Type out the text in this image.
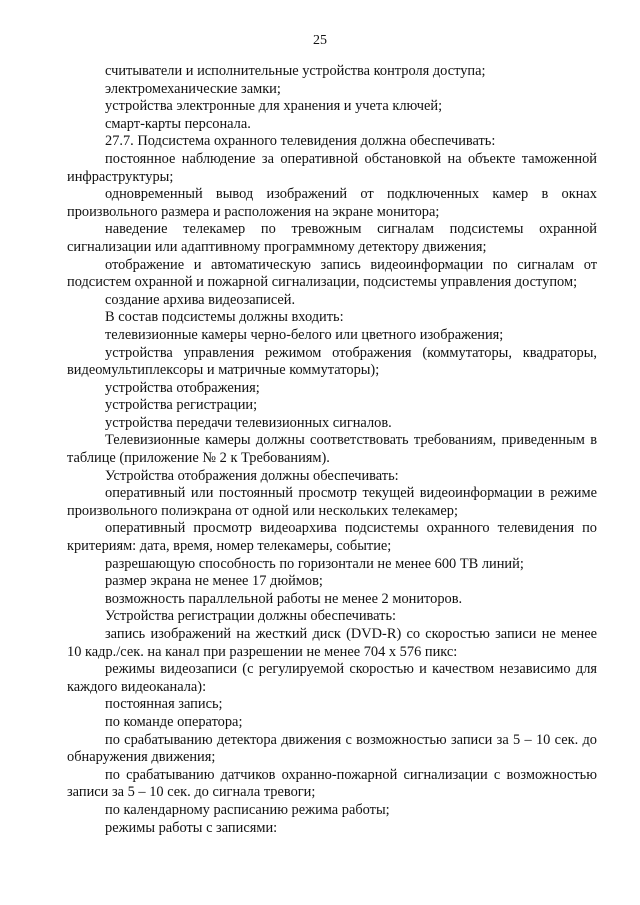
25

считыватели и исполнительные устройства контроля доступа;

электромеханические замки;

устройства электронные для хранения и учета ключей;

смарт-карты персонала.

27.7. Подсистема охранного телевидения должна обеспечивать:

постоянное наблюдение за оперативной обстановкой на объекте таможенной инфраструктуры;

одновременный вывод изображений от подключенных камер в окнах произвольного размера и расположения на экране монитора;

наведение телекамер по тревожным сигналам подсистемы охранной сигнализации или адаптивному программному детектору движения;

отображение и автоматическую запись видеоинформации по сигналам от подсистем охранной и пожарной сигнализации, подсистемы управления доступом;

создание архива видеозаписей.

В состав подсистемы должны входить:

телевизионные камеры черно-белого или цветного изображения;

устройства управления режимом отображения (коммутаторы, квадраторы, видеомультиплексоры и матричные коммутаторы);

устройства отображения;

устройства регистрации;

устройства передачи телевизионных сигналов.

Телевизионные камеры должны соответствовать требованиям, приведенным в таблице (приложение № 2 к Требованиям).

Устройства отображения должны обеспечивать:

оперативный или постоянный просмотр текущей видеоинформации в режиме произвольного полиэкрана от одной или нескольких телекамер;

оперативный просмотр видеоархива подсистемы охранного телевидения по критериям: дата, время, номер телекамеры, событие;

разрешающую способность по горизонтали не менее 600 ТВ линий;

размер экрана не менее 17 дюймов;

возможность параллельной работы не менее 2 мониторов.

Устройства регистрации должны обеспечивать:

запись изображений на жесткий диск (DVD-R) со скоростью записи не менее 10 кадр./сек. на канал при разрешении не менее 704 х 576 пикс:

режимы видеозаписи (с регулируемой скоростью и качеством независимо для каждого видеоканала):

постоянная запись;

по команде оператора;

по срабатыванию детектора движения с возможностью записи за 5 – 10 сек. до обнаружения движения;

по срабатыванию датчиков охранно-пожарной сигнализации с возможностью записи за 5 – 10 сек. до сигнала тревоги;

по календарному расписанию режима работы;

режимы работы с записями:
